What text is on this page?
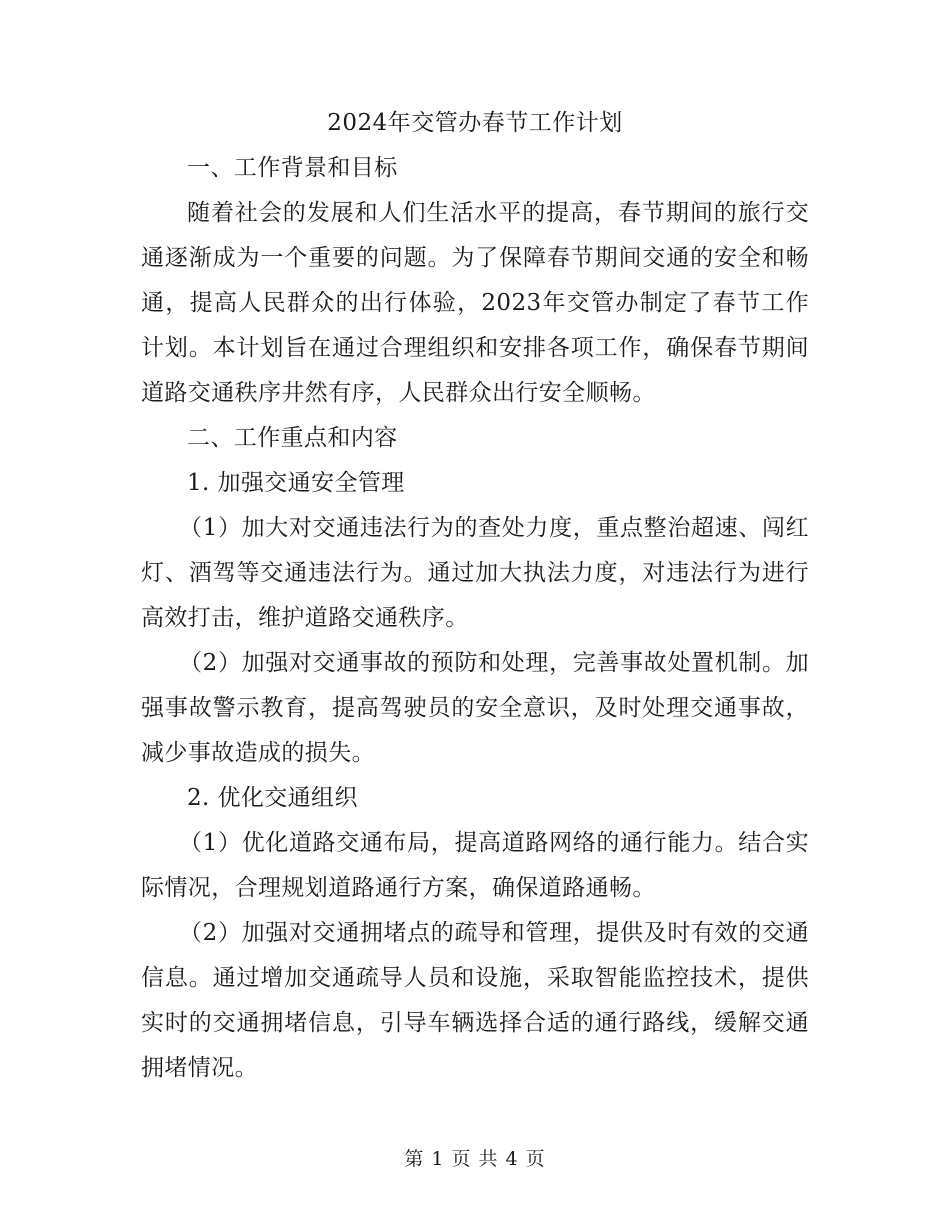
2024年交管办春节工作计划

一、工作背景和目标

随着社会的发展和人们生活水平的提高，春节期间的旅行交通逐渐成为一个重要的问题。为了保障春节期间交通的安全和畅通，提高人民群众的出行体验，2023年交管办制定了春节工作计划。本计划旨在通过合理组织和安排各项工作，确保春节期间道路交通秩序井然有序，人民群众出行安全顺畅。

二、工作重点和内容

1. 加强交通安全管理

（1）加大对交通违法行为的查处力度，重点整治超速、闯红灯、酒驾等交通违法行为。通过加大执法力度，对违法行为进行高效打击，维护道路交通秩序。

（2）加强对交通事故的预防和处理，完善事故处置机制。加强事故警示教育，提高驾驶员的安全意识，及时处理交通事故，减少事故造成的损失。

2. 优化交通组织

（1）优化道路交通布局，提高道路网络的通行能力。结合实际情况，合理规划道路通行方案，确保道路通畅。

（2）加强对交通拥堵点的疏导和管理，提供及时有效的交通信息。通过增加交通疏导人员和设施，采取智能监控技术，提供实时的交通拥堵信息，引导车辆选择合适的通行路线，缓解交通拥堵情况。

第 1 页 共 4 页
